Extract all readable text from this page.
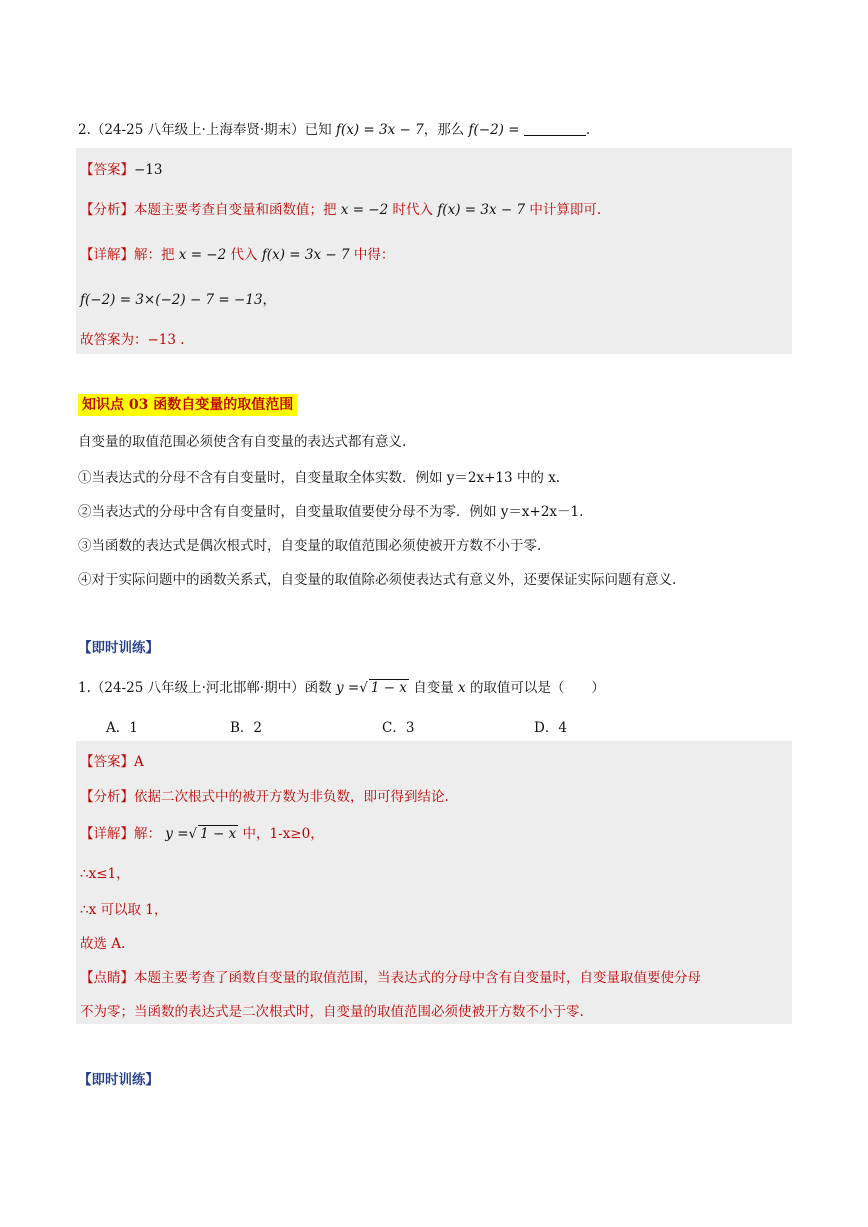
2.（24-25 八年级上·上海奉贤·期末）已知 f(x) = 3x − 7，那么 f(−2) =	.
【答案】−13
【分析】本题主要考查自变量和函数值；把 x = −2 时代入 f(x) = 3x − 7 中计算即可.
【详解】解：把 x = −2 代入 f(x) = 3x − 7 中得：
f(−2) = 3×(−2) − 7 = −13，
故答案为：−13 .
知识点 03 函数自变量的取值范围
自变量的取值范围必须使含有自变量的表达式都有意义.
①当表达式的分母不含有自变量时，自变量取全体实数．例如 y＝2x+13 中的 x.
②当表达式的分母中含有自变量时，自变量取值要使分母不为零．例如 y＝x+2x－1.
③当函数的表达式是偶次根式时，自变量的取值范围必须使被开方数不小于零.
④对于实际问题中的函数关系式，自变量的取值除必须使表达式有意义外，还要保证实际问题有意义.
【即时训练】
1.（24-25 八年级上·河北邯郸·期中）函数 y =√ 1 − x 自变量 x 的取值可以是（　　）
A．1	B．2	C．3	D．4
【答案】A
【分析】依据二次根式中的被开方数为非负数，即可得到结论.
【详解】解： y =√ 1 − x 中，1-x≥0，
∴x≤1，
∴x 可以取 1，
故选 A.
【点睛】本题主要考查了函数自变量的取值范围，当表达式的分母中含有自变量时，自变量取值要使分母
不为零；当函数的表达式是二次根式时，自变量的取值范围必须使被开方数不小于零.
【即时训练】
